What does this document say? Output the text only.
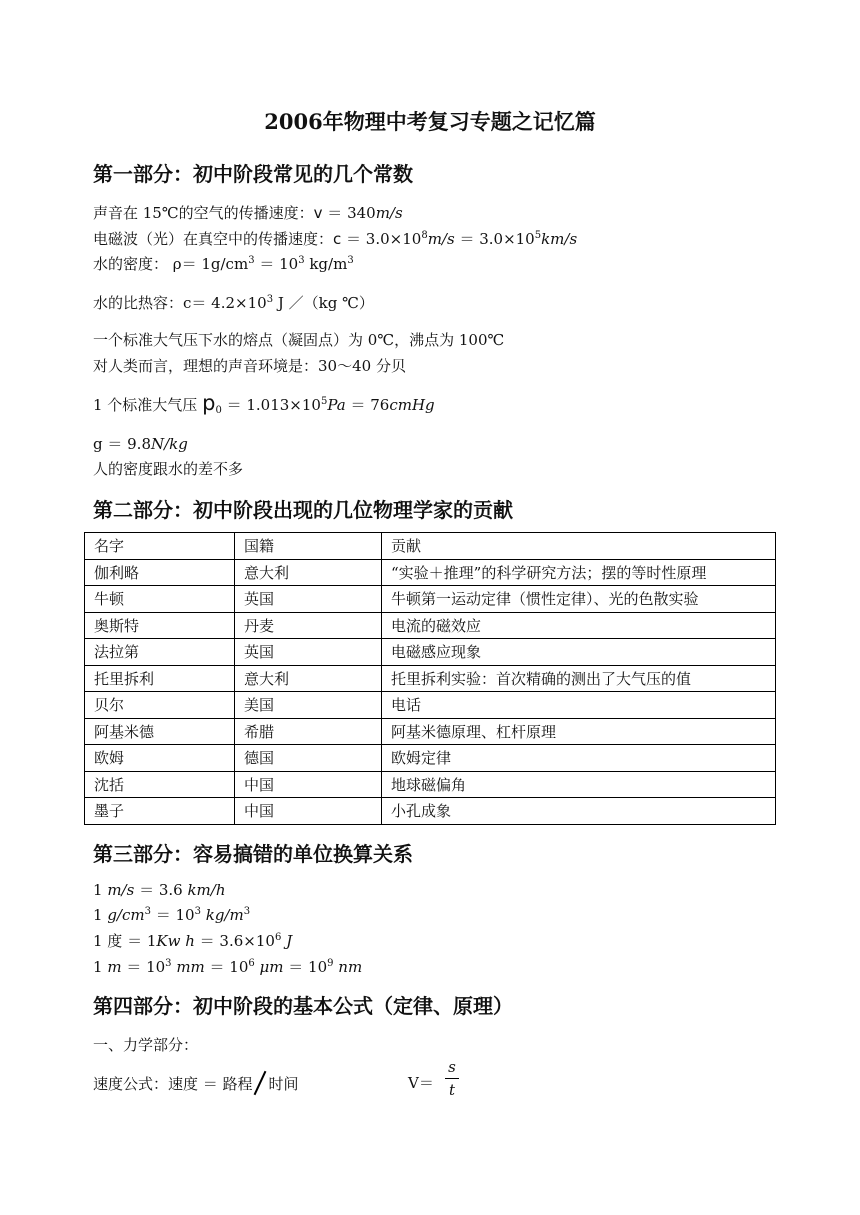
2006年物理中考复习专题之记忆篇
第一部分：初中阶段常见的几个常数
声音在 15℃的空气的传播速度：v ＝ 340m/s
电磁波（光）在真空中的传播速度：$c = 3.0\times 10^8m/s = 3.0\times 10^5km/s$
水的密度： $\rho= 1g/cm^3 = 10^3$ $kg/m^3$
水的比热容：$c= 4.2\times 10^3$ J ／（kg ℃）
一个标准大气压下水的熔点（凝固点）为 0℃，沸点为 100℃
对人类而言，理想的声音环境是：30～40 分贝
1 个标准大气压 $p_0 = 1.013\times 10^5Pa$ ＝ 76cmHg
g ＝ 9.8N/kg
人的密度跟水的差不多
第二部分：初中阶段出现的几位物理学家的贡献
名字	国籍	贡献
伽利略	意大利	“实验＋推理”的科学研究方法；摆的等时性原理
牛顿	英国	牛顿第一运动定律（惯性定律）、光的色散实验
奥斯特	丹麦	电流的磁效应
法拉第	英国	电磁感应现象
托里拆利	意大利	托里拆利实验：首次精确的测出了大气压的值
贝尔	美国	电话
阿基米德	希腊	阿基米德原理、杠杆原理
欧姆	德国	欧姆定律
沈括	中国	地球磁偏角
墨子	中国	小孔成象
第三部分：容易搞错的单位换算关系
1 m/s ＝ 3.6 km/h
1 $g/cm^3 = 10^3$ $kg/m^3$
1 度 ＝ 1Kw $h = 3.6\times 10^6$ J
1 $m = 10^3$ mm ＝ $10^6$ $\mu m = 10^9$ nm
第四部分：初中阶段的基本公式（定律、原理）
一、力学部分：
速度公式：速度 ＝ 路程 时间	V＝
s
t
